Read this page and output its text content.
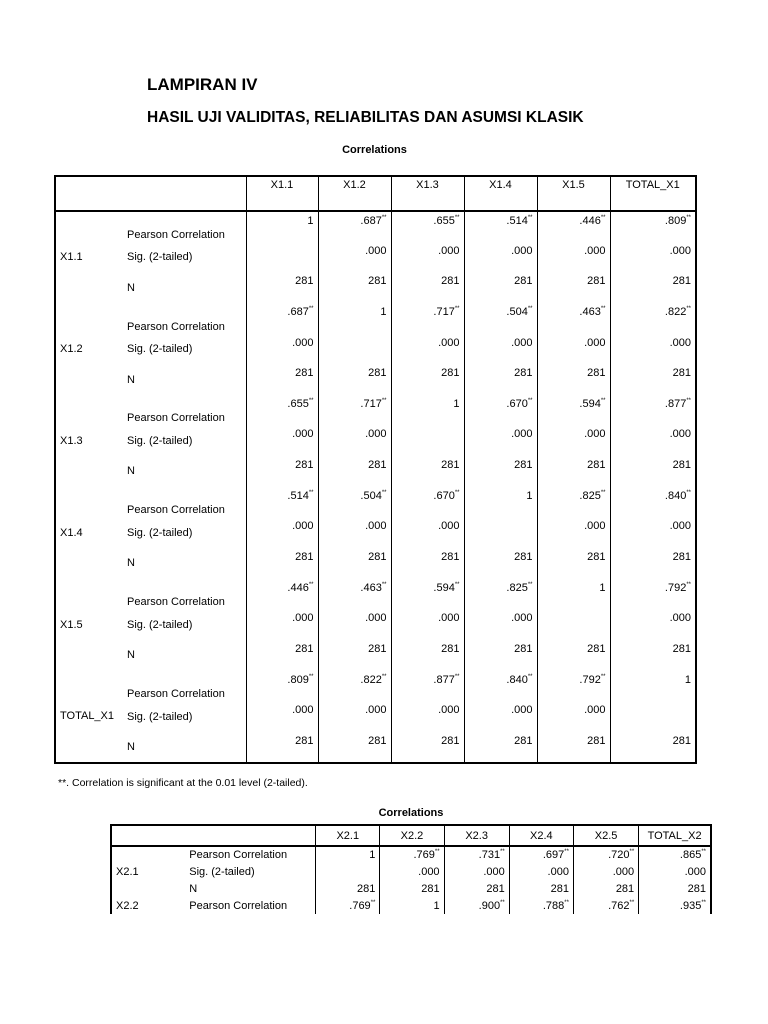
LAMPIRAN IV
HASIL UJI VALIDITAS, RELIABILITAS DAN ASUMSI KLASIK
Correlations
		X1.1	X1.2	X1.3	X1.4	X1.5	TOTAL_X1
X1.1	Pearson Correlation	1	.687**	.655**	.514**	.446**	.809**
	Sig. (2-tailed)		.000	.000	.000	.000	.000
	N	281	281	281	281	281	281
X1.2	Pearson Correlation	.687**	1	.717**	.504**	.463**	.822**
	Sig. (2-tailed)	.000		.000	.000	.000	.000
	N	281	281	281	281	281	281
X1.3	Pearson Correlation	.655**	.717**	1	.670**	.594**	.877**
	Sig. (2-tailed)	.000	.000		.000	.000	.000
	N	281	281	281	281	281	281
X1.4	Pearson Correlation	.514**	.504**	.670**	1	.825**	.840**
	Sig. (2-tailed)	.000	.000	.000		.000	.000
	N	281	281	281	281	281	281
X1.5	Pearson Correlation	.446**	.463**	.594**	.825**	1	.792**
	Sig. (2-tailed)	.000	.000	.000	.000		.000
	N	281	281	281	281	281	281
TOTAL_X1	Pearson Correlation	.809**	.822**	.877**	.840**	.792**	1
	Sig. (2-tailed)	.000	.000	.000	.000	.000	
	N	281	281	281	281	281	281
**. Correlation is significant at the 0.01 level (2-tailed).
Correlations
		X2.1	X2.2	X2.3	X2.4	X2.5	TOTAL_X2
	Pearson Correlation	1	.769**	.731**	.697**	.720**	.865**
X2.1	Sig. (2-tailed)		.000	.000	.000	.000	.000
	N	281	281	281	281	281	281
X2.2	Pearson Correlation	.769**	1	.900**	.788**	.762**	.935**
